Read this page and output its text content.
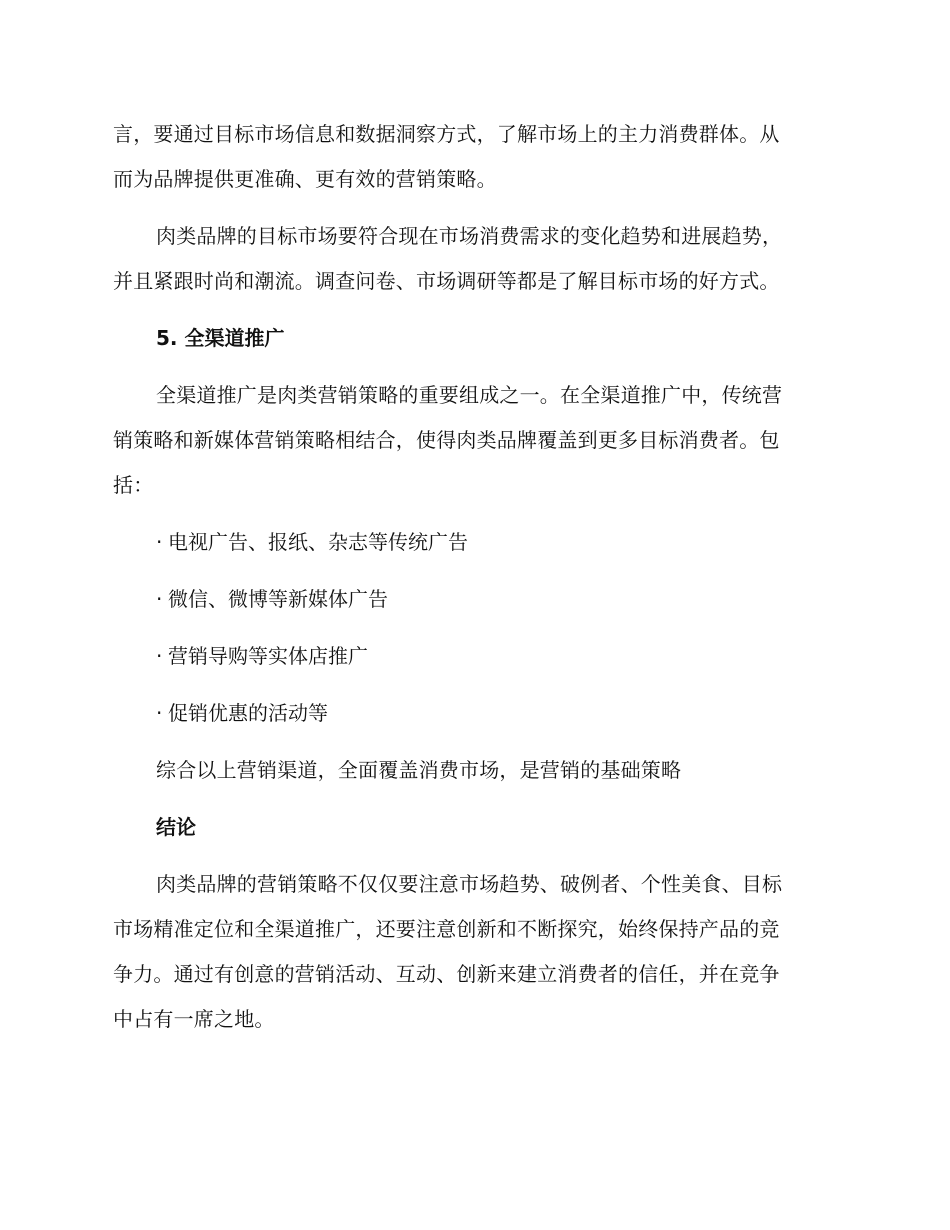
言，要通过目标市场信息和数据洞察方式，了解市场上的主力消费群体。从
而为品牌提供更准确、更有效的营销策略。

肉类品牌的目标市场要符合现在市场消费需求的变化趋势和进展趋势，
并且紧跟时尚和潮流。调查问卷、市场调研等都是了解目标市场的好方式。

5. 全渠道推广

全渠道推广是肉类营销策略的重要组成之一。在全渠道推广中，传统营
销策略和新媒体营销策略相结合，使得肉类品牌覆盖到更多目标消费者。包
括：

· 电视广告、报纸、杂志等传统广告

· 微信、微博等新媒体广告

· 营销导购等实体店推广

· 促销优惠的活动等

综合以上营销渠道，全面覆盖消费市场，是营销的基础策略

结论

肉类品牌的营销策略不仅仅要注意市场趋势、破例者、个性美食、目标
市场精准定位和全渠道推广，还要注意创新和不断探究，始终保持产品的竞
争力。通过有创意的营销活动、互动、创新来建立消费者的信任，并在竞争
中占有一席之地。
